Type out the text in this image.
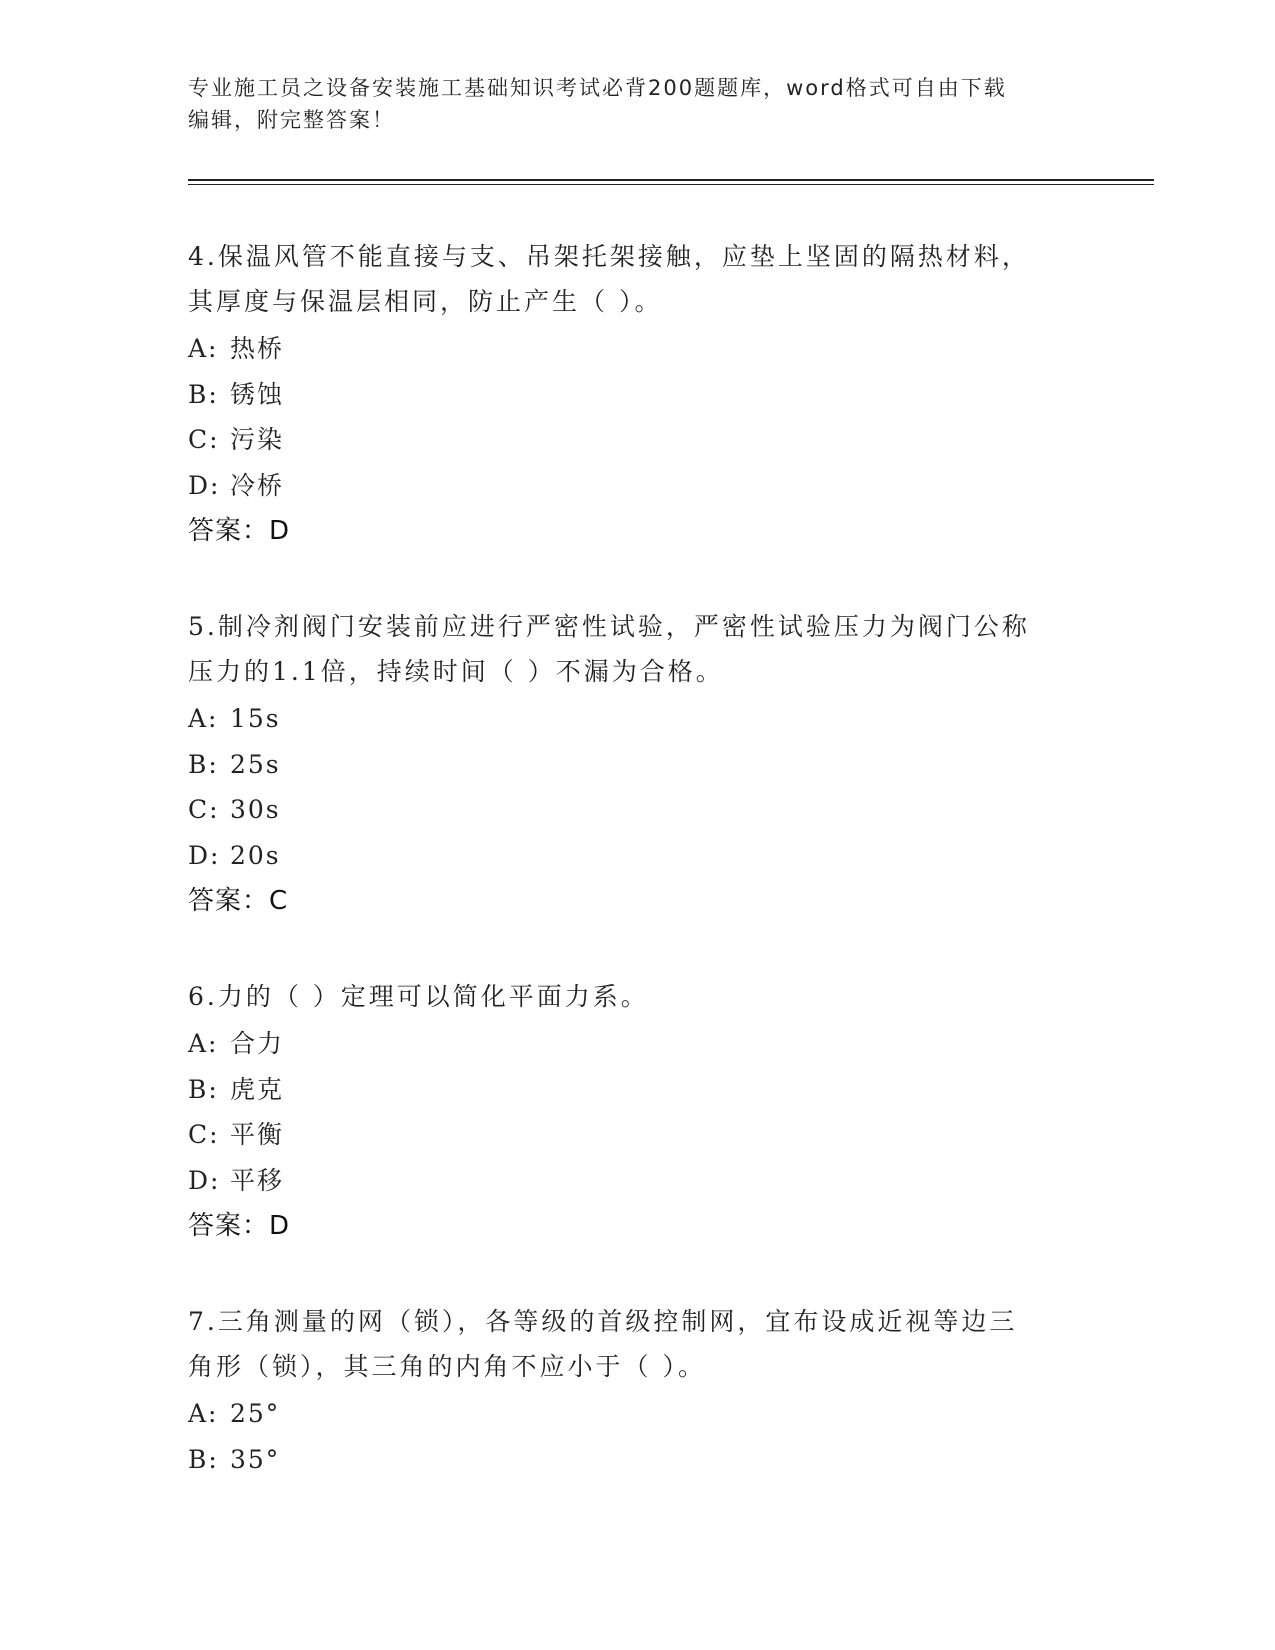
专业施工员之设备安装施工基础知识考试必背200题题库，word格式可自由下载
编辑，附完整答案！
4.保温风管不能直接与支、吊架托架接触，应垫上坚固的隔热材料，
其厚度与保温层相同，防止产生（ ）。
A: 热桥
B: 锈蚀
C: 污染
D: 冷桥
答案：D
5.制冷剂阀门安装前应进行严密性试验，严密性试验压力为阀门公称
压力的1.1倍，持续时间（ ）不漏为合格。
A: 15s
B: 25s
C: 30s
D: 20s
答案：C
6.力的（ ）定理可以简化平面力系。
A: 合力
B: 虎克
C: 平衡
D: 平移
答案：D
7.三角测量的网（锁），各等级的首级控制网，宜布设成近视等边三
角形（锁），其三角的内角不应小于（ ）。
A: 25°
B: 35°
